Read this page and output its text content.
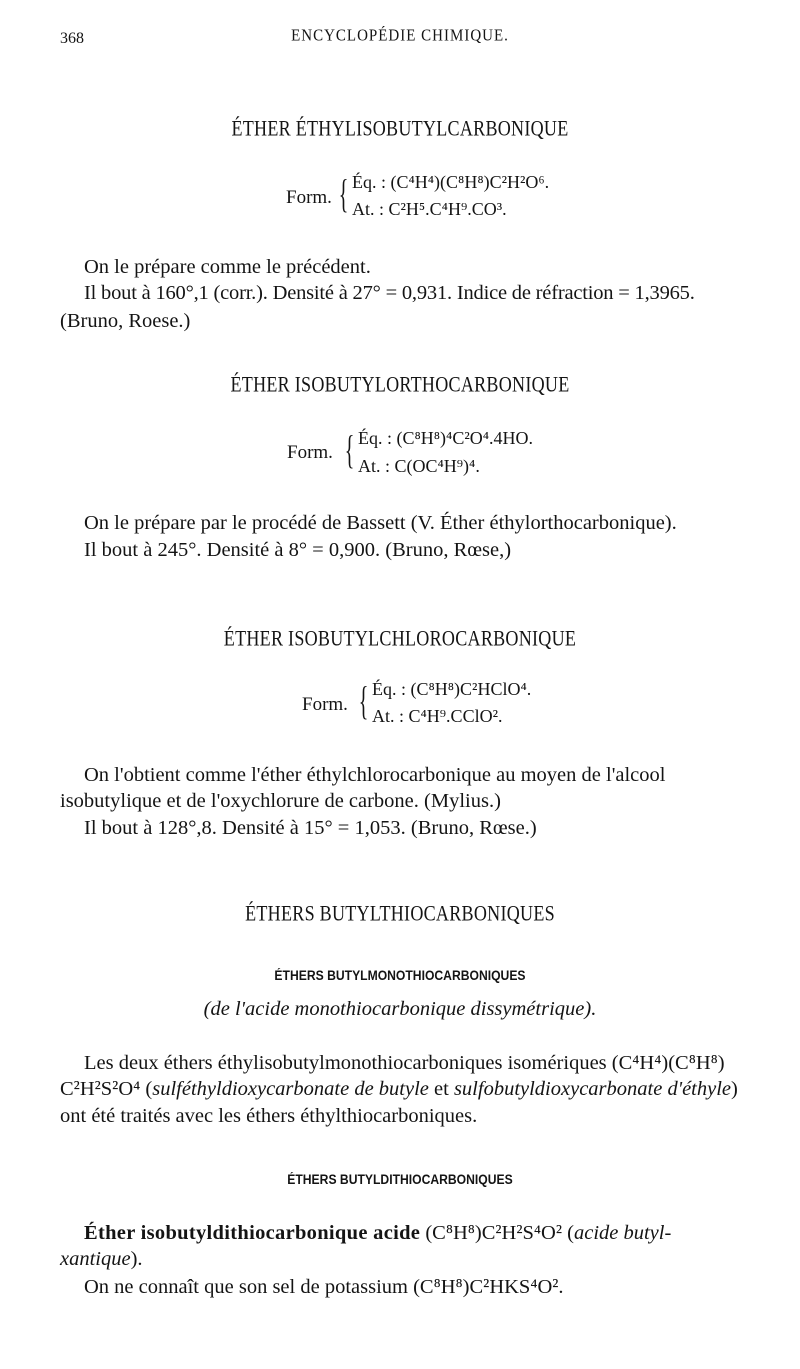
368	ENCYCLOPÉDIE CHIMIQUE.
ÉTHER ÉTHYLISOBUTYLCARBONIQUE
Form. { Éq. : (C⁴H⁴)(C⁸H⁸)C²H²O⁶.
At. : C²H⁵.C⁴H⁹.CO³.
On le prépare comme le précédent.
Il bout à 160°,1 (corr.). Densité à 27° = 0,931. Indice de réfraction = 1,3965.
(Bruno, Roese.)
ÉTHER ISOBUTYLORTHOCARBONIQUE
Form. { Éq. : (C⁸H⁸)⁴C²O⁴.4HO.
At. : C(OC⁴H⁹)⁴.
On le prépare par le procédé de Bassett (V. Éther éthylorthocarbonique).
Il bout à 245°. Densité à 8° = 0,900. (Bruno, Rœse,)
ÉTHER ISOBUTYLCHLOROCARBONIQUE
Form. { Éq. : (C⁸H⁸)C²HClO⁴.
At. : C⁴H⁹.CClO².
On l'obtient comme l'éther éthylchlorocarbonique au moyen de l'alcool
isobutylique et de l'oxychlorure de carbone. (Mylius.)
Il bout à 128°,8. Densité à 15° = 1,053. (Bruno, Rœse.)
ÉTHERS BUTYLTHIOCARBONIQUES
ÉTHERS BUTYLMONOTHIOCARBONIQUES
(de l'acide monothiocarbonique dissymétrique).
Les deux éthers éthylisobutylmonothiocarboniques isomériques (C⁴H⁴)(C⁸H⁸)
C²H²S²O⁴ (sulféthyldioxycarbonate de butyle et sulfobutyldioxycarbonate d'éthyle)
ont été traités avec les éthers éthylthiocarboniques.
ÉTHERS BUTYLDITHIOCARBONIQUES
Éther isobutyldithiocarbonique acide (C⁸H⁸)C²H²S⁴O² (acide butyl-
xantique).
On ne connaît que son sel de potassium (C⁸H⁸)C²HKS⁴O².
